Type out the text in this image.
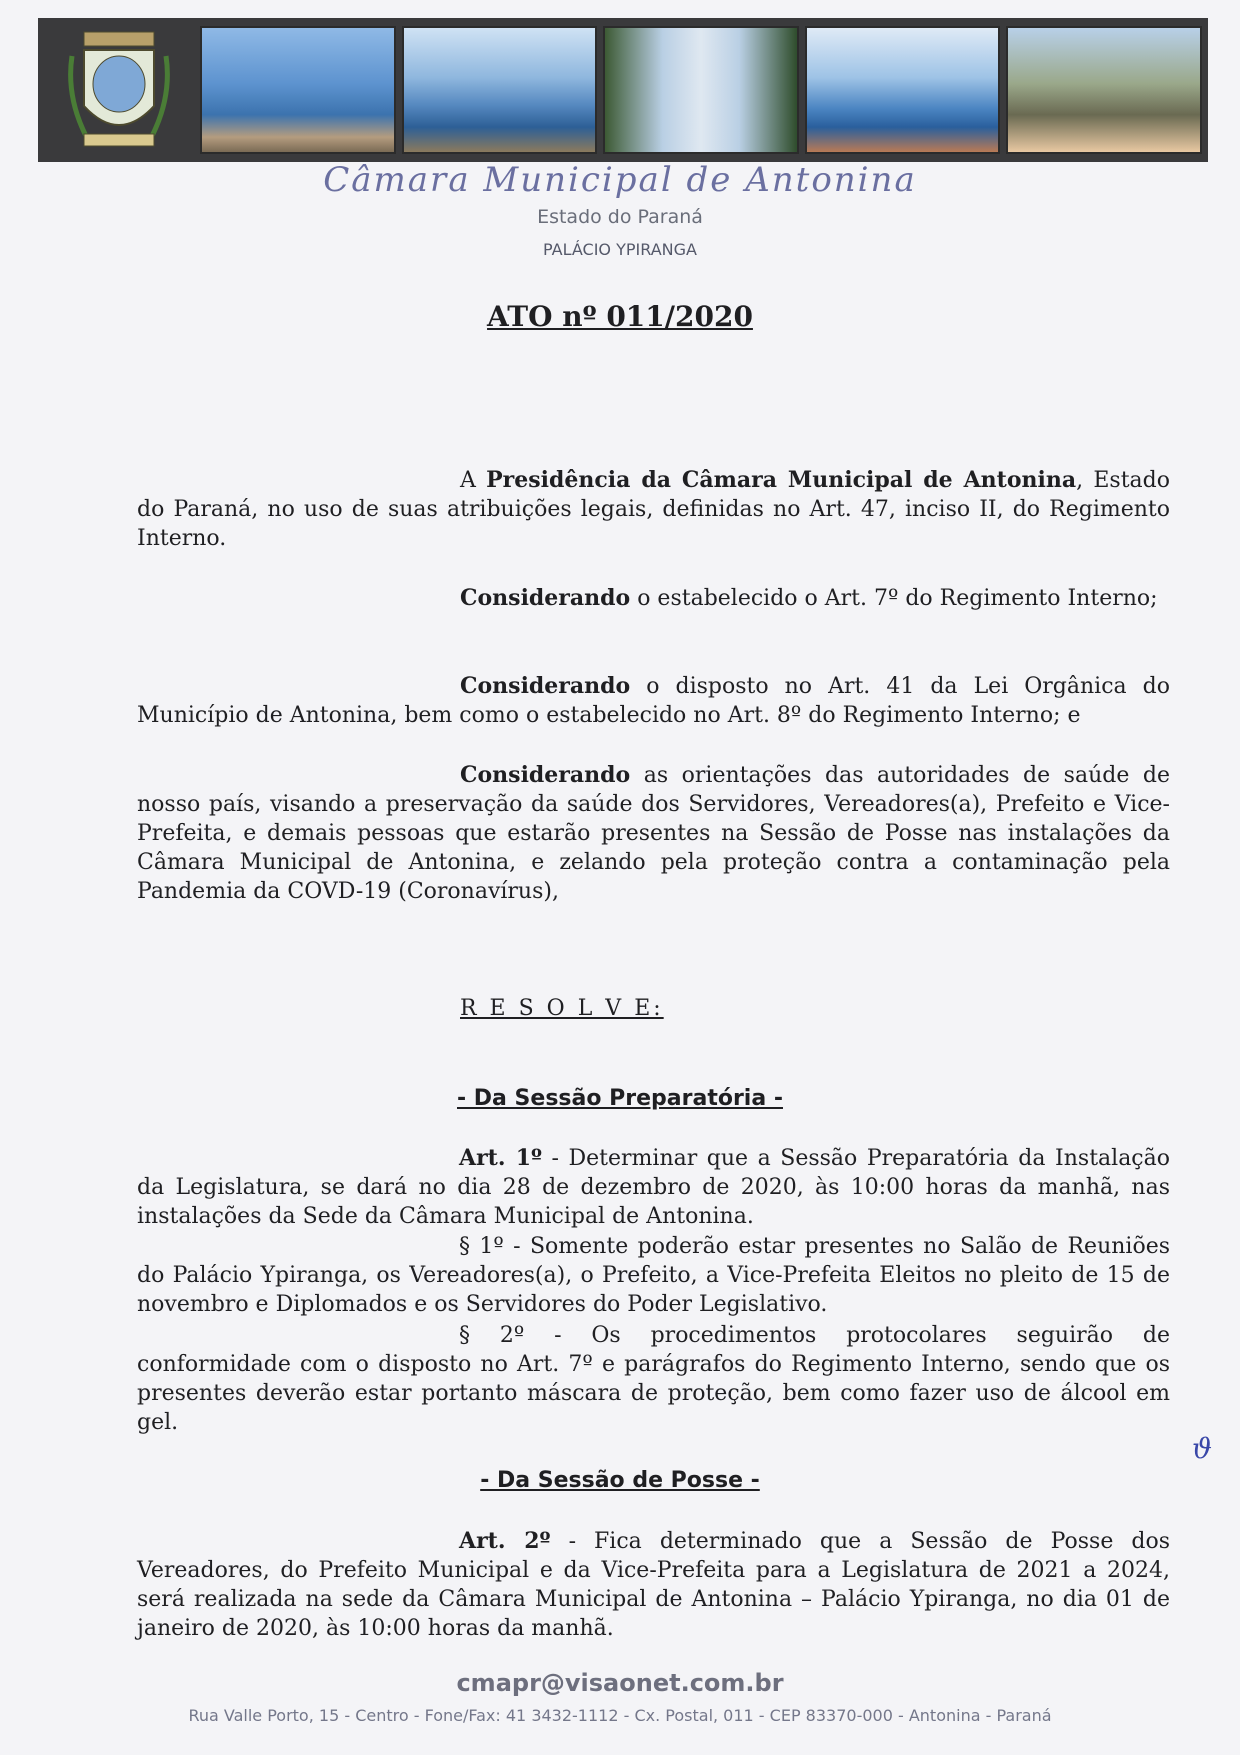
Câmara Municipal de Antonina
Estado do Paraná
PALÁCIO YPIRANGA
ATO nº 011/2020
A Presidência da Câmara Municipal de Antonina, Estado do Paraná, no uso de suas atribuições legais, definidas no Art. 47, inciso II, do Regimento Interno.
Considerando o estabelecido o Art. 7º do Regimento Interno;
Considerando o disposto no Art. 41 da Lei Orgânica do Município de Antonina, bem como o estabelecido no Art. 8º do Regimento Interno; e
Considerando as orientações das autoridades de saúde de nosso país, visando a preservação da saúde dos Servidores, Vereadores(a), Prefeito e Vice-Prefeita, e demais pessoas que estarão presentes na Sessão de Posse nas instalações da Câmara Municipal de Antonina, e zelando pela proteção contra a contaminação pela Pandemia da COVD-19 (Coronavírus),
R E S O L V E:
- Da Sessão Preparatória -
Art. 1º - Determinar que a Sessão Preparatória da Instalação da Legislatura, se dará no dia 28 de dezembro de 2020, às 10:00 horas da manhã, nas instalações da Sede da Câmara Municipal de Antonina.
§ 1º - Somente poderão estar presentes no Salão de Reuniões do Palácio Ypiranga, os Vereadores(a), o Prefeito, a Vice-Prefeita Eleitos no pleito de 15 de novembro e Diplomados e os Servidores do Poder Legislativo.
§ 2º - Os procedimentos protocolares seguirão de conformidade com o disposto no Art. 7º e parágrafos do Regimento Interno, sendo que os presentes deverão estar portanto máscara de proteção, bem como fazer uso de álcool em gel.
ϑ
- Da Sessão de Posse -
Art. 2º - Fica determinado que a Sessão de Posse dos Vereadores, do Prefeito Municipal e da Vice-Prefeita para a Legislatura de 2021 a 2024, será realizada na sede da Câmara Municipal de Antonina – Palácio Ypiranga, no dia 01 de janeiro de 2020, às 10:00 horas da manhã.
cmapr@visaonet.com.br
Rua Valle Porto, 15 - Centro - Fone/Fax: 41 3432-1112 - Cx. Postal, 011 - CEP 83370-000 - Antonina - Paraná
